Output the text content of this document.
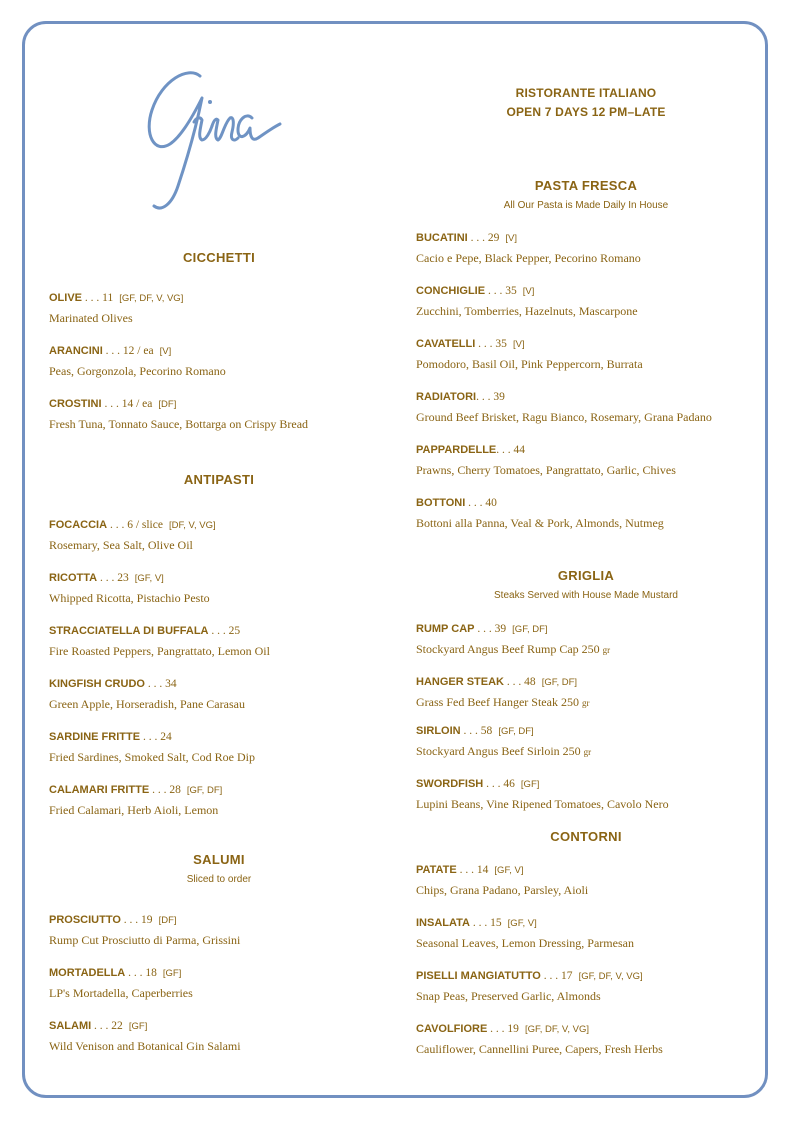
RISTORANTE ITALIANO
OPEN 7 DAYS 12 PM–LATE
CICCHETTI
OLIVE . . . 11 [GF, DF, V, VG]
Marinated Olives
ARANCINI . . . 12 / ea [V]
Peas, Gorgonzola, Pecorino Romano
CROSTINI . . . 14 / ea [DF]
Fresh Tuna, Tonnato Sauce, Bottarga on Crispy Bread
ANTIPASTI
FOCACCIA . . . 6 / slice [DF, V, VG]
Rosemary, Sea Salt, Olive Oil
RICOTTA . . . 23 [GF, V]
Whipped Ricotta, Pistachio Pesto
STRACCIATELLA DI BUFFALA . . . 25
Fire Roasted Peppers, Pangrattato, Lemon Oil
KINGFISH CRUDO . . . 34
Green Apple, Horseradish, Pane Carasau
SARDINE FRITTE . . . 24
Fried Sardines, Smoked Salt, Cod Roe Dip
CALAMARI FRITTE . . . 28 [GF, DF]
Fried Calamari, Herb Aioli, Lemon
SALUMI
Sliced to order
PROSCIUTTO . . . 19 [DF]
Rump Cut Prosciutto di Parma, Grissini
MORTADELLA . . . 18 [GF]
LP's Mortadella, Caperberries
SALAMI . . . 22 [GF]
Wild Venison and Botanical Gin Salami
PASTA FRESCA
All Our Pasta is Made Daily In House
BUCATINI . . . 29 [V]
Cacio e Pepe, Black Pepper, Pecorino Romano
CONCHIGLIE . . . 35 [V]
Zucchini, Tomberries, Hazelnuts, Mascarpone
CAVATELLI . . . 35 [V]
Pomodoro, Basil Oil, Pink Peppercorn, Burrata
RADIATORI. . . 39
Ground Beef Brisket, Ragu Bianco, Rosemary, Grana Padano
PAPPARDELLE. . . 44
Prawns, Cherry Tomatoes, Pangrattato, Garlic, Chives
BOTTONI . . . 40
Bottoni alla Panna, Veal & Pork, Almonds, Nutmeg
GRIGLIA
Steaks Served with House Made Mustard
RUMP CAP . . . 39 [GF, DF]
Stockyard Angus Beef Rump Cap 250 gr
HANGER STEAK . . . 48 [GF, DF]
Grass Fed Beef Hanger Steak 250 gr
SIRLOIN . . . 58 [GF, DF]
Stockyard Angus Beef Sirloin 250 gr
SWORDFISH . . . 46 [GF]
Lupini Beans, Vine Ripened Tomatoes, Cavolo Nero
CONTORNI
PATATE . . . 14 [GF, V]
Chips, Grana Padano, Parsley, Aioli
INSALATA . . . 15 [GF, V]
Seasonal Leaves, Lemon Dressing, Parmesan
PISELLI MANGIATUTTO . . . 17 [GF, DF, V, VG]
Snap Peas, Preserved Garlic, Almonds
CAVOLFIORE . . . 19 [GF, DF, V, VG]
Cauliflower, Cannellini Puree, Capers, Fresh Herbs
